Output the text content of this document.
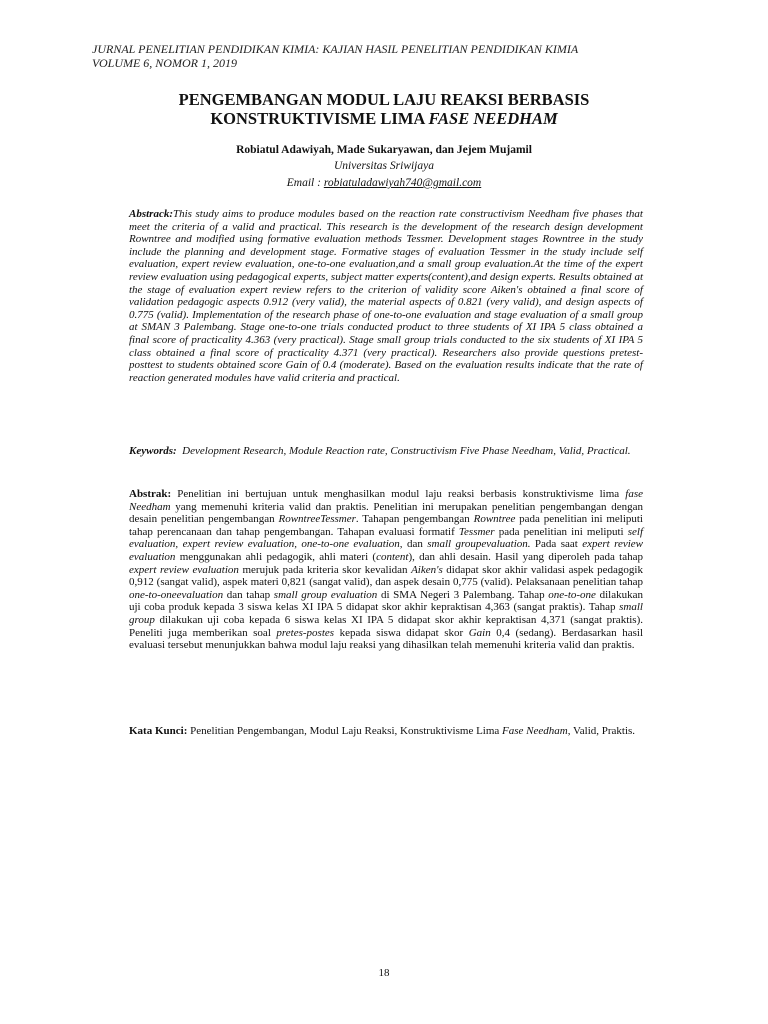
JURNAL PENELITIAN PENDIDIKAN KIMIA: KAJIAN HASIL PENELITIAN PENDIDIKAN KIMIA
VOLUME 6, NOMOR 1, 2019
PENGEMBANGAN MODUL LAJU REAKSI BERBASIS
KONSTRUKTIVISME LIMA FASE NEEDHAM
Robiatul Adawiyah, Made Sukaryawan, dan Jejem Mujamil
Universitas Sriwijaya
Email : robiatuladawiyah740@gmail.com

Abstrack:This study aims to produce modules based on the reaction rate constructivism Needham five phases that meet the criteria of a valid and practical. This research is the development of the research design development Rowntree and modified using formative evaluation methods Tessmer. Development stages Rowntree in the study include the planning and development stage. Formative stages of evaluation Tessmer in the study include self evaluation, expert review evaluation, one-to-one evaluation,and a small group evaluation.At the time of the expert review evaluation using pedagogical experts, subject matter experts(content),and design experts. Results obtained at the stage of evaluation expert review refers to the criterion of validity score Aiken's obtained a final score of validation pedagogic aspects 0.912 (very valid), the material aspects of 0.821 (very valid), and design aspects of 0.775 (valid). Implementation of the research phase of one-to-one evaluation and stage evaluation of a small group at SMAN 3 Palembang. Stage one-to-one trials conducted product to three students of XI IPA 5 class obtained a final score of practicality 4.363 (very practical). Stage small group trials conducted to the six students of XI IPA 5 class obtained a final score of practicality 4.371 (very practical). Researchers also provide questions pretest-posttest to students obtained score Gain of 0.4 (moderate). Based on the evaluation results indicate that the rate of reaction generated modules have valid criteria and practical.

Keywords: Development Research, Module Reaction rate, Constructivism Five Phase Needham, Valid, Practical.

Abstrak: Penelitian ini bertujuan untuk menghasilkan modul laju reaksi berbasis konstruktivisme lima fase Needham yang memenuhi kriteria valid dan praktis. Penelitian ini merupakan penelitian pengembangan dengan desain penelitian pengembangan RowntreeTessmer. Tahapan pengembangan Rowntree pada penelitian ini meliputi tahap perencanaan dan tahap pengembangan. Tahapan evaluasi formatif Tessmer pada penelitian ini meliputi self evaluation, expert review evaluation, one-to-one evaluation, dan small groupevaluation. Pada saat expert review evaluation menggunakan ahli pedagogik, ahli materi (content), dan ahli desain. Hasil yang diperoleh pada tahap expert review evaluation merujuk pada kriteria skor kevalidan Aiken's didapat skor akhir validasi aspek pedagogik 0,912 (sangat valid), aspek materi 0,821 (sangat valid), dan aspek desain 0,775 (valid). Pelaksanaan penelitian tahap one-to-oneevaluation dan tahap small group evaluation di SMA Negeri 3 Palembang. Tahap one-to-one dilakukan uji coba produk kepada 3 siswa kelas XI IPA 5 didapat skor akhir kepraktisan 4,363 (sangat praktis). Tahap small group dilakukan uji coba kepada 6 siswa kelas XI IPA 5 didapat skor akhir kepraktisan 4,371 (sangat praktis). Peneliti juga memberikan soal pretes-postes kepada siswa didapat skor Gain 0,4 (sedang). Berdasarkan hasil evaluasi tersebut menunjukkan bahwa modul laju reaksi yang dihasilkan telah memenuhi kriteria valid dan praktis.

Kata Kunci: Penelitian Pengembangan, Modul Laju Reaksi, Konstruktivisme Lima Fase Needham, Valid, Praktis.

18
